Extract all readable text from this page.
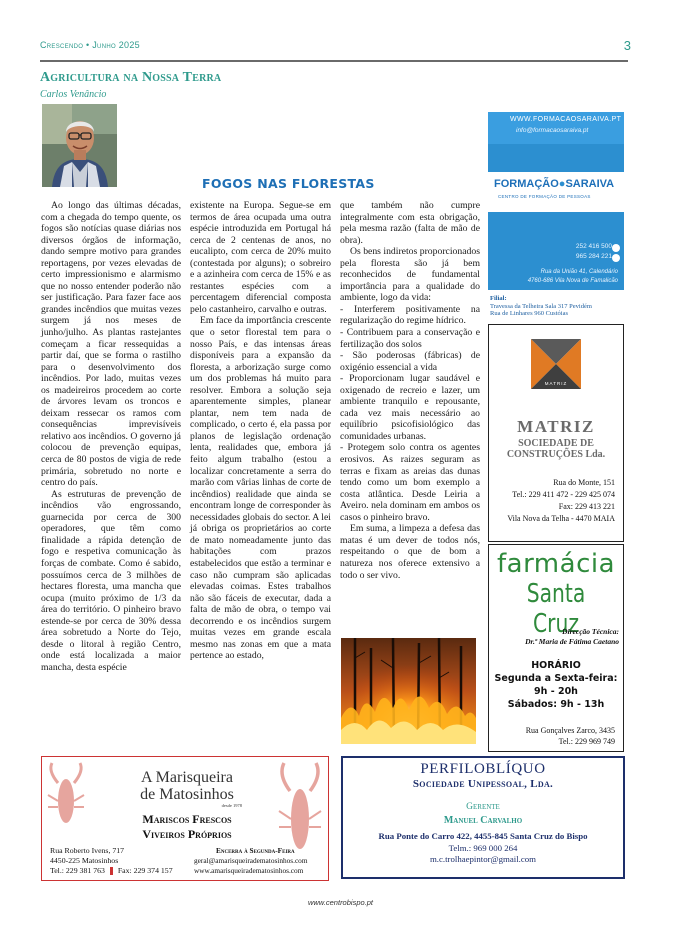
Crescendo • Junho 2025	3
Agricultura na Nossa Terra
Carlos Venâncio
FOGOS NAS FLORESTAS

Ao longo das últimas décadas, com a chegada do tempo quente, os fogos são notícias quase diárias nos diversos órgãos de informação, dando sempre motivo para grandes reportagens, por vezes elevadas de certo impressionismo e alarmismo que no nosso entender poderão não ser justificação. Para fazer face aos grandes incêndios que muitas vezes surgem já nos meses de junho/julho. As plantas rastejantes começam a ficar ressequidas a partir daí, que se forma o rastilho para o desenvolvimento dos incêndios. Por lado, muitas vezes os madeireiros procedem ao corte de árvores levam os troncos e deixam ressecar os ramos com consequências imprevisíveis relativo aos incêndios. O governo já colocou de prevenção equipas, cerca de 80 postos de vigia de rede primária, sobretudo no norte e centro do país.

As estruturas de prevenção de incêndios vão engrossando, guarnecida por cerca de 300 operadores, que têm como finalidade a rápida detenção de fogo e respetiva comunicação às forças de combate. Como é sabido, possuímos cerca de 3 milhões de hectares floresta, uma mancha que ocupa (muito próximo de 1/3 da área do território. O pinheiro bravo estende-se por cerca de 30% dessa área sobretudo a Norte do Tejo, desde o litoral à região Centro, onde está localizada a maior mancha, desta espécie

existente na Europa. Segue-se em termos de área ocupada uma outra espécie introduzida em Portugal há cerca de 2 centenas de anos, no eucalipto, com cerca de 20% muito (contestada por alguns); o sobreiro e a azinheira com cerca de 15% e as restantes espécies com a percentagem diferencial composta pelo castanheiro, carvalho e outras.

Em face da importância crescente que o setor florestal tem para o nosso País, e das intensas áreas disponíveis para a expansão da floresta, a arborização surge como um dos problemas há muito para resolver. Embora a solução seja aparentemente simples, planear plantar, nem tem nada de complicado, o certo é, ela passa por planos de legislação ordenação lenta, realidades que, embora já feito algum trabalho (estou a localizar concretamente a serra do marão com vârias linhas de corte de incêndios) realidade que ainda se encontram longe de corresponder às necessidades globais do sector. A lei já obriga os proprietários ao corte de mato nomeadamente junto das habitações com prazos estabelecidos que estão a terminar e caso não cumpram são aplicadas elevadas coimas. Estes trabalhos não são fáceis de executar, dada a falta de mão de obra, o tempo vai decorrendo e os incêndios surgem muitas vezes em grande escala mesmo nas zonas em que a mata pertence ao estado,

que também não cumpre integralmente com esta obrigação, pela mesma razão (falta de mão de obra).

Os bens indiretos proporcionados pela floresta são já bem reconhecidos de fundamental importância para a qualidade do ambiente, logo da vida:

- Interferem positivamente na regularização do regime hídrico.

- Contribuem para a conservação e fertilização dos solos

- São poderosas (fábricas) de oxigénio essencial a vida

- Proporcionam lugar saudável e oxigenado de recreio e lazer, um ambiente tranquilo e repousante, cada vez mais necessário ao equilíbrio psicofisiológico das comunidades urbanas.

- Protegem solo contra os agentes erosivos. As raizes seguram as terras e fixam as areias das dunas tendo como um bom exemplo a costa atlântica. Desde Leiria a Aveiro. nela dominam em ambos os casos o pinheiro bravo.

Em suma, a limpeza a defesa das matas é um dever de todos nós, respeitando o que de bom a natureza nos oferece extensivo a todo o ser vivo.

WWW.FORMACAOSARAIVA.PT
info@formacaosaraiva.pt
FORMAÇÃO●SARAIVA
CENTRO DE FORMAÇÃO DE PESSOAS
252 416 500
965 284 221
Rua da União 41, Calendário
4760-686 Vila Nova de Famalicão
Filial:
Travessa da Telheira Sala 317 Pevidém
Rua de Linhares 960 Custóias
MATRIZ
MATRIZ
SOCIEDADE DE
CONSTRUÇÕES Lda.
Rua do Monte, 151
Tel.: 229 411 472 - 229 425 074
Fax: 229 413 221
Vila Nova da Telha - 4470 MAIA
farmácia
Santa Cruz
Direcção Técnica:
Dr.ª Maria de Fátima Caetano
HORÁRIO
Segunda a Sexta-feira:
9h - 20h
Sábados: 9h - 13h
Rua Gonçalves Zarco, 3435
Tel.: 229 969 749
A Marisqueira
de Matosinhos
desde 1978
Mariscos Frescos
Viveiros Próprios
Rua Roberto Ivens, 717
4450-225 Matosinhos
Tel.: 229 381 763 Fax: 229 374 157
Encerra à Segunda-Feira
geral@amarisqueiradematosinhos.com
www.amarisqueiradematosinhos.com
PERFILOBLÍQUO
Sociedade Unipessoal, Lda.
Gerente
Manuel Carvalho
Rua Ponte do Carro 422, 4455-845 Santa Cruz do Bispo
Telm.: 969 000 264
m.c.trolhaepintor@gmail.com
www.centrobispo.pt
